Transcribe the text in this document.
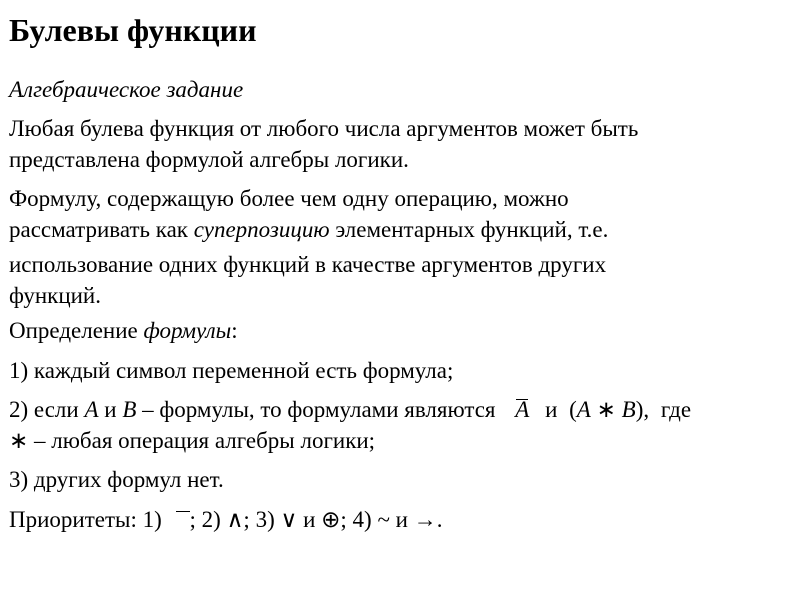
Булевы функции
Алгебраическое задание
Любая булева функция от любого числа аргументов может быть
представлена формулой алгебры логики.
Формулу, содержащую более чем одну операцию, можно
рассматривать как суперпозицию элементарных функций, т.е.
использование одних функций в качестве аргументов других
функций.
Определение формулы:
1) каждый символ переменной есть формула;
2) если A и B – формулы, то формулами являются A и (A ∗ B), где
∗ – любая операция алгебры логики;
3) других формул нет.
Приоритеты: 1) ; 2) ∧; 3) ∨ и ⊕; 4) ~ и →.
